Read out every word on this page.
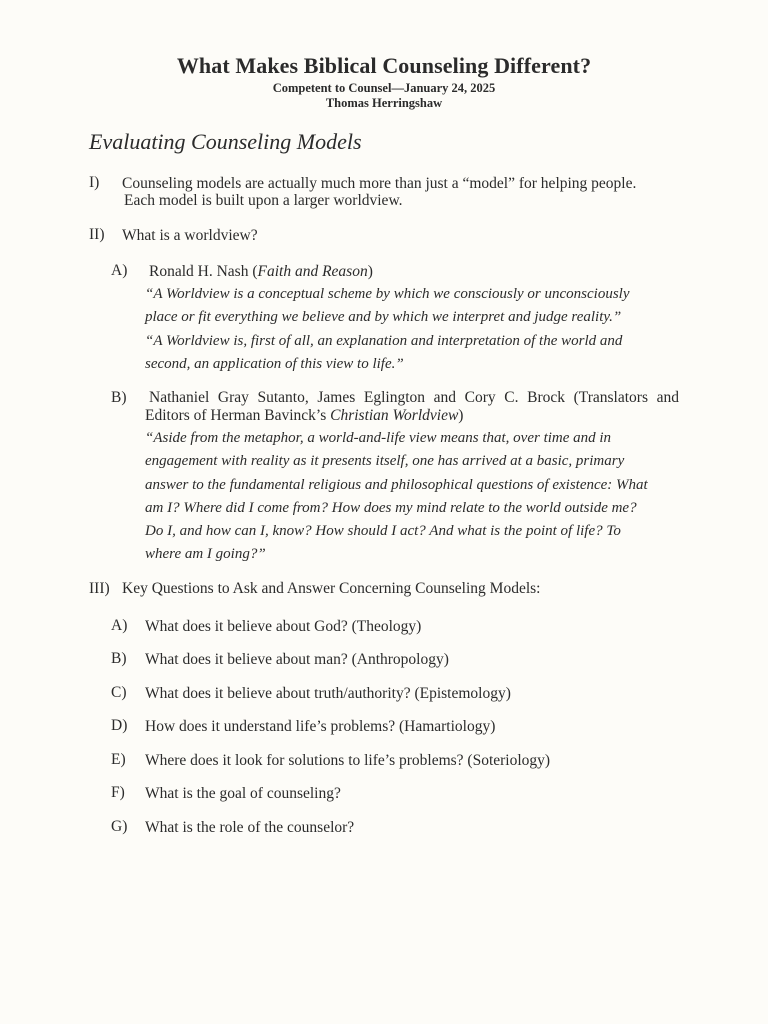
What Makes Biblical Counseling Different?
Competent to Counsel—January 24, 2025
Thomas Herringshaw
Evaluating Counseling Models
I) Counseling models are actually much more than just a “model” for helping people.
Each model is built upon a larger worldview.
II) What is a worldview?
A) Ronald H. Nash (Faith and Reason)
“A Worldview is a conceptual scheme by which we consciously or unconsciously
place or fit everything we believe and by which we interpret and judge reality.”
“A Worldview is, first of all, an explanation and interpretation of the world and
second, an application of this view to life.”
B) Nathaniel Gray Sutanto, James Eglington and Cory C. Brock (Translators and
Editors of Herman Bavinck’s Christian Worldview)
“Aside from the metaphor, a world-and-life view means that, over time and in
engagement with reality as it presents itself, one has arrived at a basic, primary
answer to the fundamental religious and philosophical questions of existence: What
am I? Where did I come from? How does my mind relate to the world outside me?
Do I, and how can I, know? How should I act? And what is the point of life? To
where am I going?”
III) Key Questions to Ask and Answer Concerning Counseling Models:
A) What does it believe about God? (Theology)
B) What does it believe about man? (Anthropology)
C) What does it believe about truth/authority? (Epistemology)
D) How does it understand life’s problems? (Hamartiology)
E) Where does it look for solutions to life’s problems? (Soteriology)
F) What is the goal of counseling?
G) What is the role of the counselor?
